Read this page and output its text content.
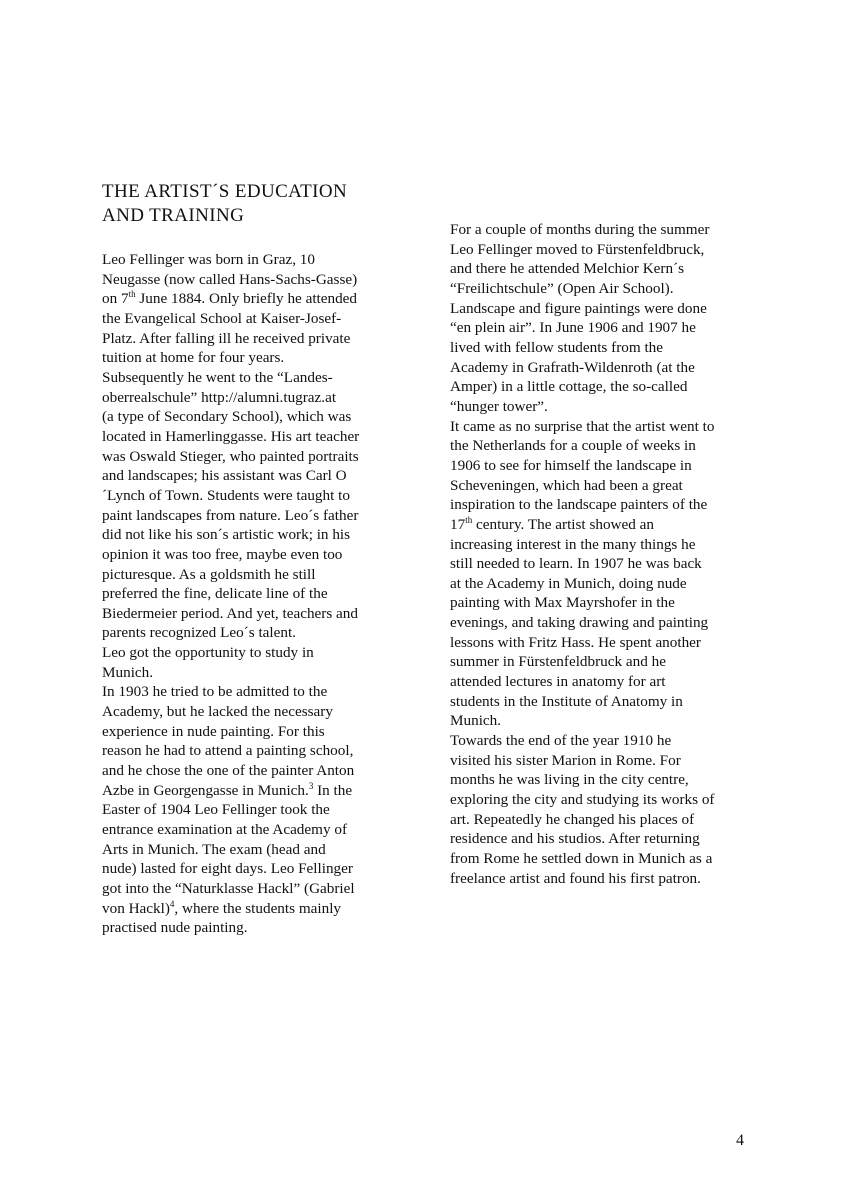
THE ARTIST´S EDUCATION
AND TRAINING
Leo Fellinger was born in Graz, 10
Neugasse (now called Hans-Sachs-Gasse)
on 7th June 1884. Only briefly he attended
the Evangelical School at Kaiser-Josef-
Platz. After falling ill he received private
tuition at home for four years.
Subsequently he went to the “Landes-
oberrealschule” http://alumni.tugraz.at
(a type of Secondary School), which was
located in Hamerlinggasse. His art teacher
was Oswald Stieger, who painted portraits
and landscapes; his assistant was Carl O
´Lynch of Town. Students were taught to
paint landscapes from nature. Leo´s father
did not like his son´s artistic work; in his
opinion it was too free, maybe even too
picturesque. As a goldsmith he still
preferred the fine, delicate line of the
Biedermeier period. And yet, teachers and
parents recognized Leo´s talent.
Leo got the opportunity to study in
Munich.
In 1903 he tried to be admitted to the
Academy, but he lacked the necessary
experience in nude painting. For this
reason he had to attend a painting school,
and he chose the one of the painter Anton
Azbe in Georgengasse in Munich.$^3$ In the
Easter of 1904 Leo Fellinger took the
entrance examination at the Academy of
Arts in Munich. The exam (head and
nude) lasted for eight days. Leo Fellinger
got into the “Naturklasse Hackl” (Gabriel
von Hackl)$^4$, where the students mainly
practised nude painting.
For a couple of months during the summer
Leo Fellinger moved to Fürstenfeldbruck,
and there he attended Melchior Kern´s
“Freilichtschule” (Open Air School).
Landscape and figure paintings were done
“en plein air”. In June 1906 and 1907 he
lived with fellow students from the
Academy in Grafrath-Wildenroth (at the
Amper) in a little cottage, the so-called
“hunger tower”.
It came as no surprise that the artist went to
the Netherlands for a couple of weeks in
1906 to see for himself the landscape in
Scheveningen, which had been a great
inspiration to the landscape painters of the
17th century. The artist showed an
increasing interest in the many things he
still needed to learn. In 1907 he was back
at the Academy in Munich, doing nude
painting with Max Mayrshofer in the
evenings, and taking drawing and painting
lessons with Fritz Hass. He spent another
summer in Fürstenfeldbruck and he
attended lectures in anatomy for art
students in the Institute of Anatomy in
Munich.
Towards the end of the year 1910 he
visited his sister Marion in Rome. For
months he was living in the city centre,
exploring the city and studying its works of
art. Repeatedly he changed his places of
residence and his studios. After returning
from Rome he settled down in Munich as a
freelance artist and found his first patron.
4
